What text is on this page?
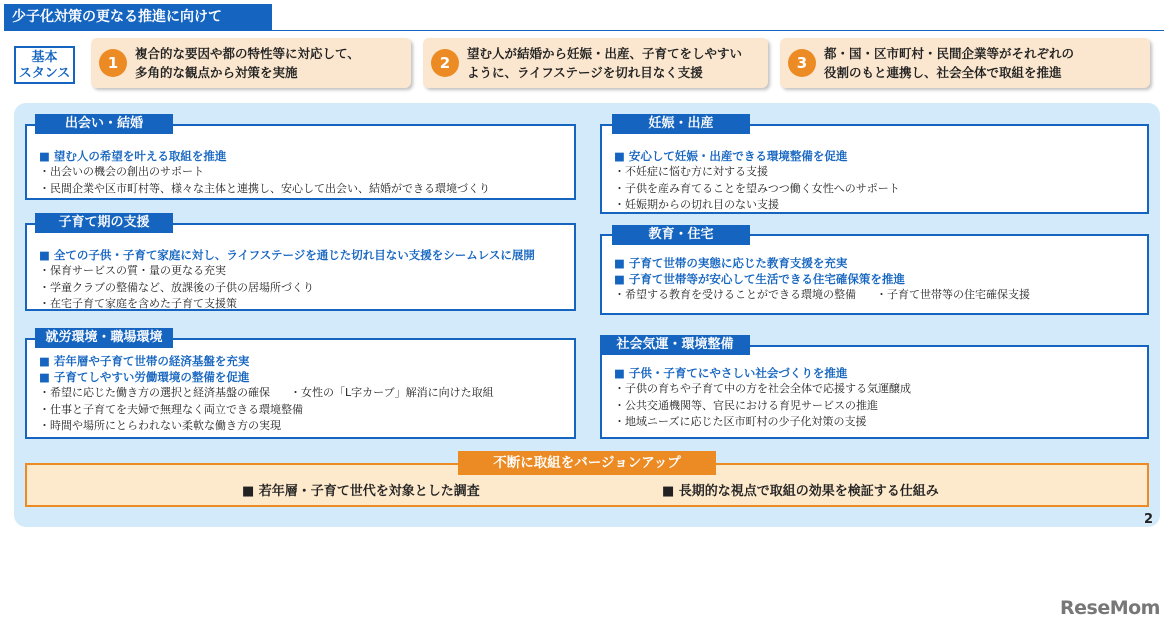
少子化対策の更なる推進に向けて
基本
スタンス
1
複合的な要因や都の特性等に対応して、
多角的な観点から対策を実施
2
望む人が結婚から妊娠・出産、子育てをしやすい
ように、ライフステージを切れ目なく支援
3
都・国・区市町村・民間企業等がそれぞれの
役割のもと連携し、社会全体で取組を推進
■ 望む人の希望を叶える取組を推進
・出会いの機会の創出のサポート
・民間企業や区市町村等、様々な主体と連携し、安心して出会い、結婚ができる環境づくり
出会い・結婚
■ 全ての子供・子育て家庭に対し、ライフステージを通じた切れ目ない支援をシームレスに展開
・保育サービスの質・量の更なる充実
・学童クラブの整備など、放課後の子供の居場所づくり
・在宅子育て家庭を含めた子育て支援策
子育て期の支援
■ 若年層や子育て世帯の経済基盤を充実
■ 子育てしやすい労働環境の整備を促進
・希望に応じた働き方の選択と経済基盤の確保 ・女性の「L字カーブ」解消に向けた取組
・仕事と子育てを夫婦で無理なく両立できる環境整備
・時間や場所にとらわれない柔軟な働き方の実現
就労環境・職場環境
■ 安心して妊娠・出産できる環境整備を促進
・不妊症に悩む方に対する支援
・子供を産み育てることを望みつつ働く女性へのサポート
・妊娠期からの切れ目のない支援
妊娠・出産
■ 子育て世帯の実態に応じた教育支援を充実
■ 子育て世帯等が安心して生活できる住宅確保策を推進
・希望する教育を受けることができる環境の整備 ・子育て世帯等の住宅確保支援
教育・住宅
■ 子供・子育てにやさしい社会づくりを推進
・子供の育ちや子育て中の方を社会全体で応援する気運醸成
・公共交通機関等、官民における育児サービスの推進
・地域ニーズに応じた区市町村の少子化対策の支援
社会気運・環境整備
不断に取組をバージョンアップ
■ 若年層・子育て世代を対象とした調査	■ 長期的な視点で取組の効果を検証する仕組み
2
ReseMom
